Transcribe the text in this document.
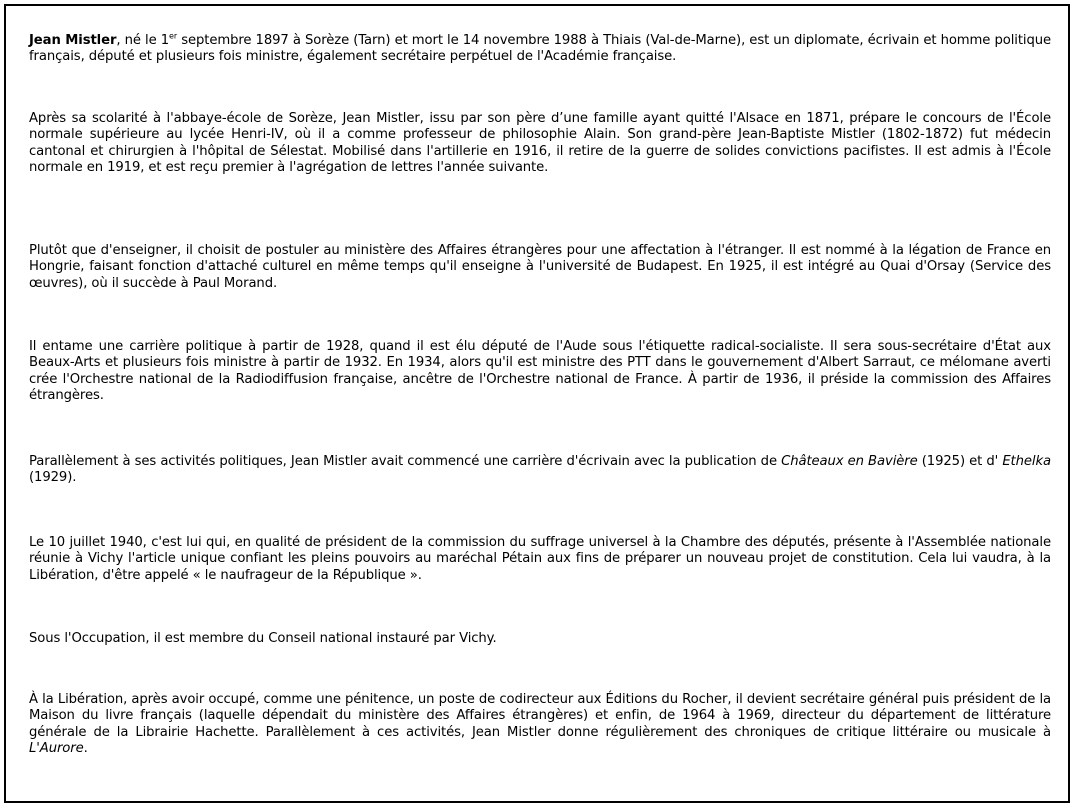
Jean Mistler, né le 1er septembre 1897 à Sorèze (Tarn) et mort le 14 novembre 1988 à Thiais (Val-de-Marne), est un diplomate, écrivain et homme politique français, député et plusieurs fois ministre, également secrétaire perpétuel de l'Académie française.

Après sa scolarité à l'abbaye-école de Sorèze, Jean Mistler, issu par son père d’une famille ayant quitté l'Alsace en 1871, prépare le concours de l'École normale supérieure au lycée Henri-IV, où il a comme professeur de philosophie Alain. Son grand-père Jean-Baptiste Mistler (1802-1872) fut médecin cantonal et chirurgien à l'hôpital de Sélestat. Mobilisé dans l'artillerie en 1916, il retire de la guerre de solides convictions pacifistes. Il est admis à l'École normale en 1919, et est reçu premier à l'agrégation de lettres l'année suivante.

Plutôt que d'enseigner, il choisit de postuler au ministère des Affaires étrangères pour une affectation à l'étranger. Il est nommé à la légation de France en Hongrie, faisant fonction d'attaché culturel en même temps qu'il enseigne à l'université de Budapest. En 1925, il est intégré au Quai d'Orsay (Service des œuvres), où il succède à Paul Morand.

Il entame une carrière politique à partir de 1928, quand il est élu député de l'Aude sous l'étiquette radical-socialiste. Il sera sous-secrétaire d'État aux Beaux-Arts et plusieurs fois ministre à partir de 1932. En 1934, alors qu'il est ministre des PTT dans le gouvernement d'Albert Sarraut, ce mélomane averti crée l'Orchestre national de la Radiodiffusion française, ancêtre de l'Orchestre national de France. À partir de 1936, il préside la commission des Affaires étrangères.

Parallèlement à ses activités politiques, Jean Mistler avait commencé une carrière d'écrivain avec la publication de Châteaux en Bavière (1925) et d' Ethelka (1929).

Le 10 juillet 1940, c'est lui qui, en qualité de président de la commission du suffrage universel à la Chambre des députés, présente à l'Assemblée nationale réunie à Vichy l'article unique confiant les pleins pouvoirs au maréchal Pétain aux fins de préparer un nouveau projet de constitution. Cela lui vaudra, à la Libération, d'être appelé « le naufrageur de la République ».

Sous l'Occupation, il est membre du Conseil national instauré par Vichy.

À la Libération, après avoir occupé, comme une pénitence, un poste de codirecteur aux Éditions du Rocher, il devient secrétaire général puis président de la Maison du livre français (laquelle dépendait du ministère des Affaires étrangères) et enfin, de 1964 à 1969, directeur du département de littérature générale de la Librairie Hachette. Parallèlement à ces activités, Jean Mistler donne régulièrement des chroniques de critique littéraire ou musicale à L'Aurore.
